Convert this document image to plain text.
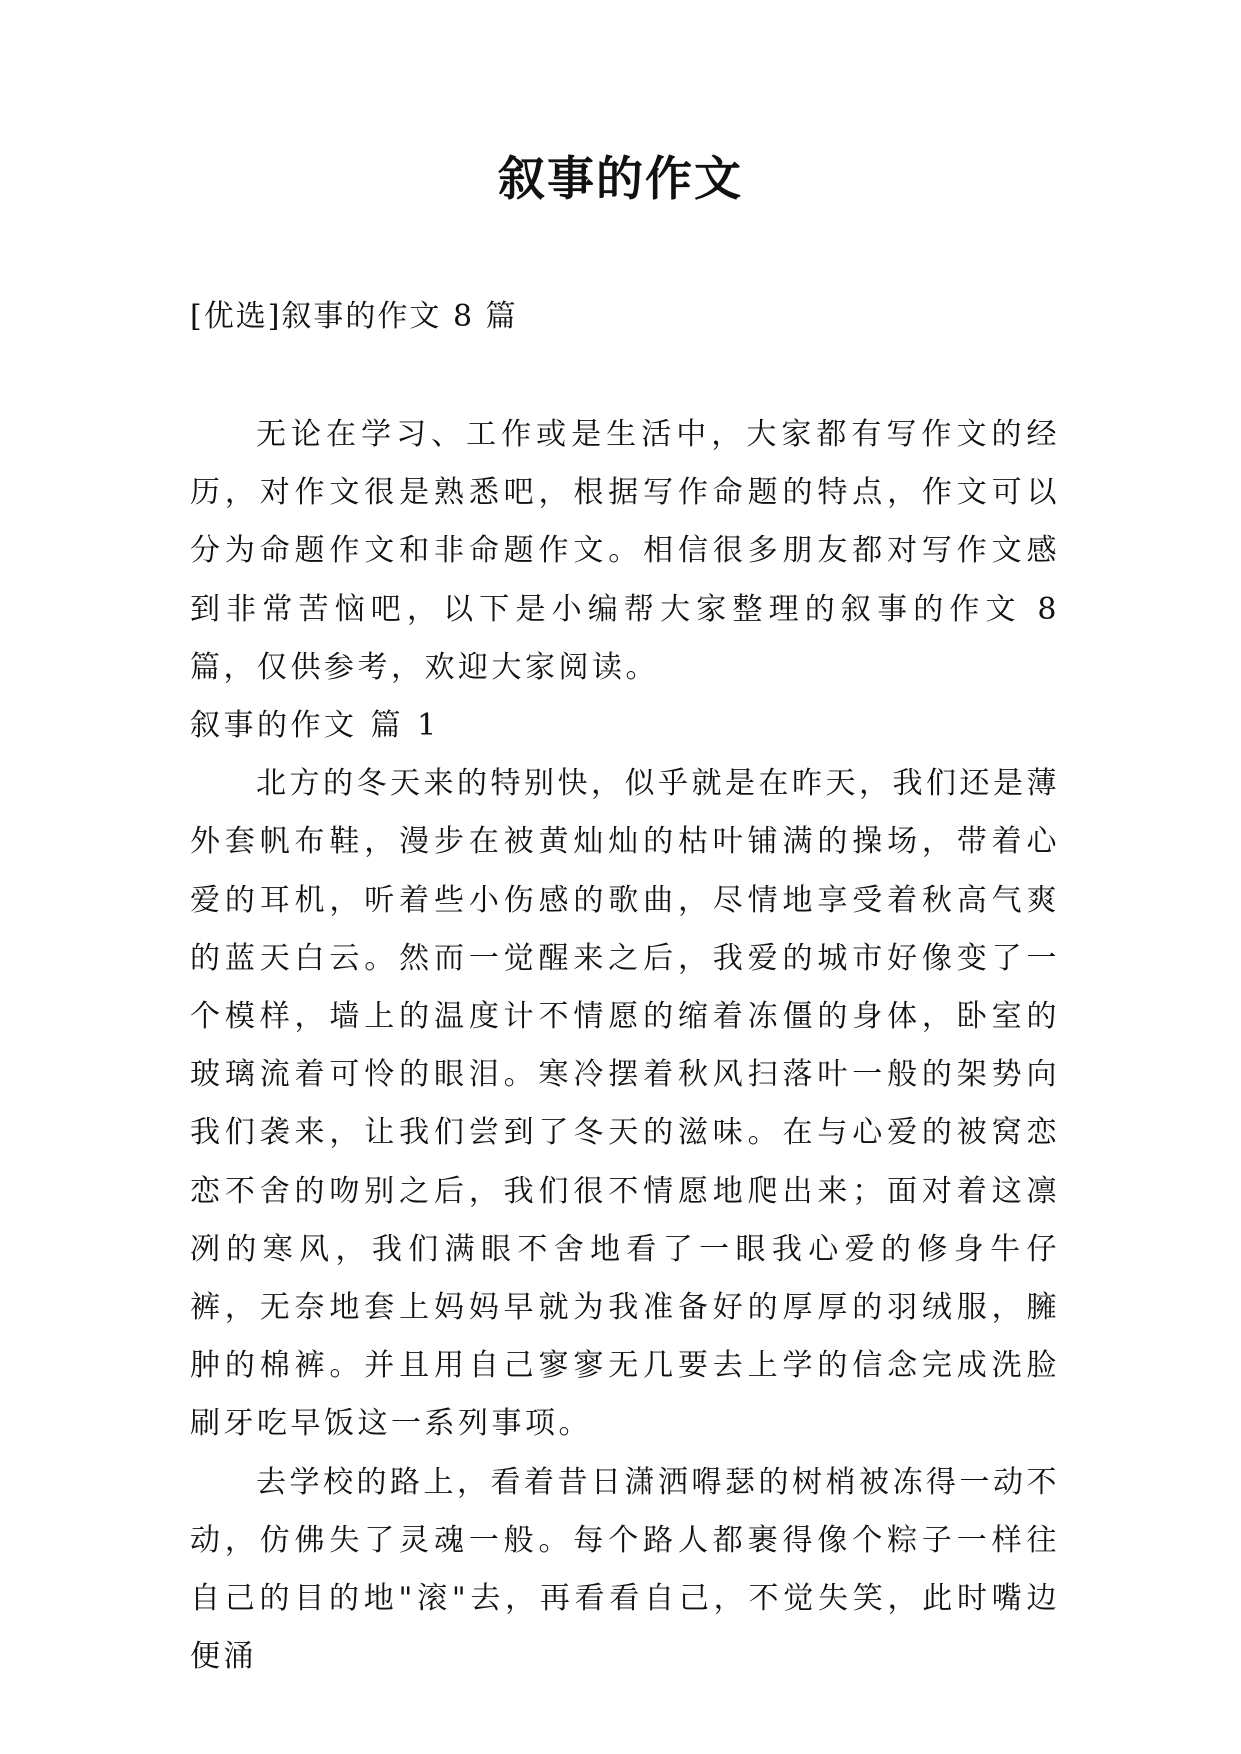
叙事的作文
[优选]叙事的作文 8 篇

无论在学习、工作或是生活中，大家都有写作文的经历，对作文很是熟悉吧，根据写作命题的特点，作文可以分为命题作文和非命题作文。相信很多朋友都对写作文感到非常苦恼吧，以下是小编帮大家整理的叙事的作文 8 篇，仅供参考，欢迎大家阅读。

叙事的作文 篇 1

北方的冬天来的特别快，似乎就是在昨天，我们还是薄外套帆布鞋，漫步在被黄灿灿的枯叶铺满的操场，带着心爱的耳机，听着些小伤感的歌曲，尽情地享受着秋高气爽的蓝天白云。然而一觉醒来之后，我爱的城市好像变了一个模样，墙上的温度计不情愿的缩着冻僵的身体，卧室的玻璃流着可怜的眼泪。寒冷摆着秋风扫落叶一般的架势向我们袭来，让我们尝到了冬天的滋味。在与心爱的被窝恋恋不舍的吻别之后，我们很不情愿地爬出来；面对着这凛冽的寒风，我们满眼不舍地看了一眼我心爱的修身牛仔裤，无奈地套上妈妈早就为我准备好的厚厚的羽绒服，臃肿的棉裤。并且用自己寥寥无几要去上学的信念完成洗脸刷牙吃早饭这一系列事项。

去学校的路上，看着昔日潇洒嘚瑟的树梢被冻得一动不动，仿佛失了灵魂一般。每个路人都裹得像个粽子一样往自己的目的地"滚"去，再看看自己，不觉失笑，此时嘴边便涌
